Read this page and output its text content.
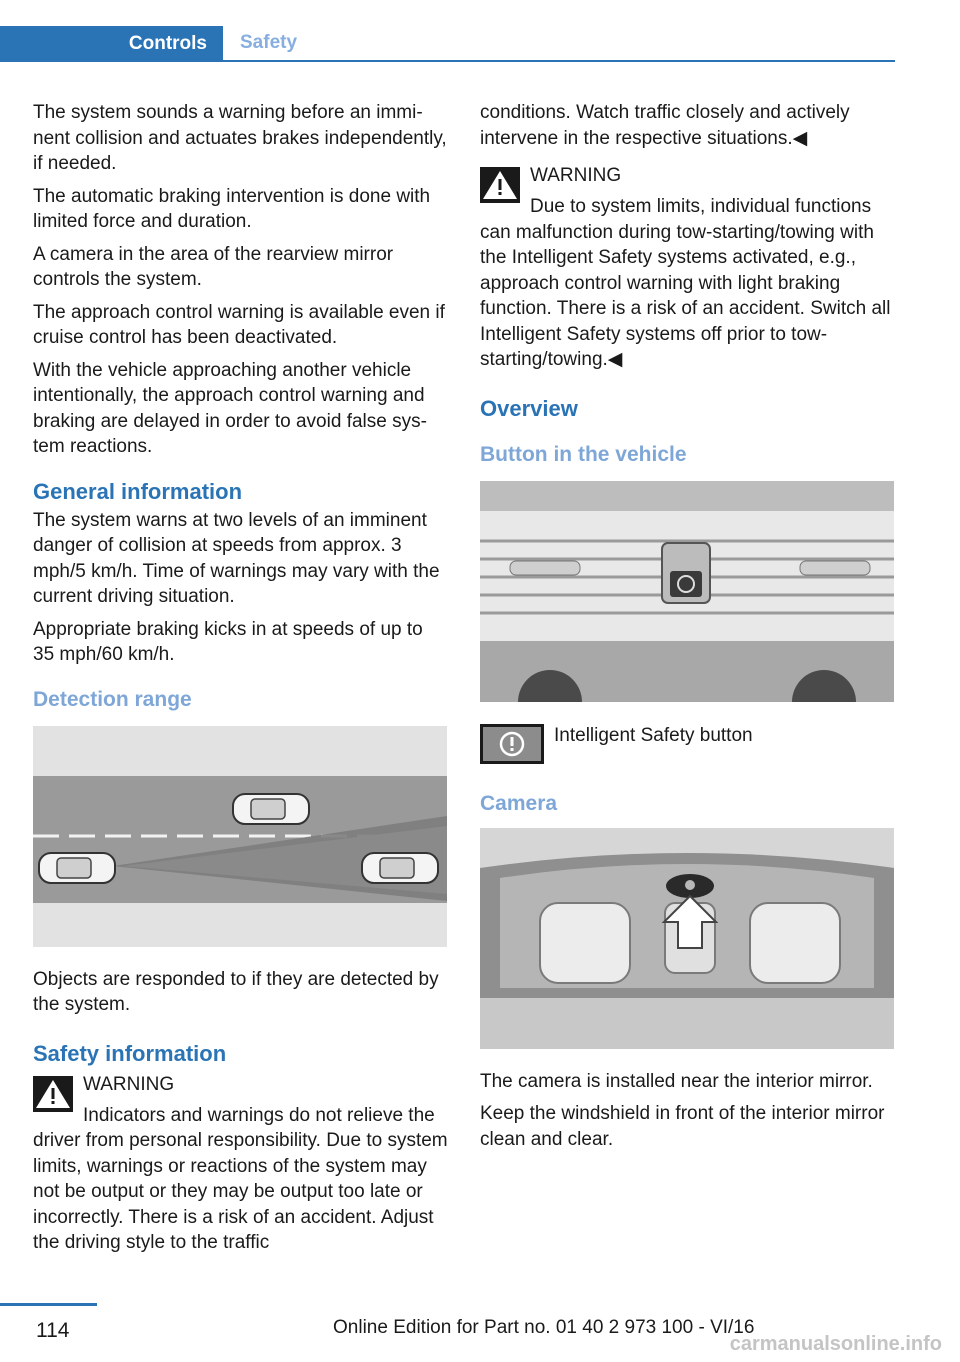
Controls	Safety

The system sounds a warning before an imminent collision and actuates brakes independently, if needed.

The automatic braking intervention is done with limited force and duration.

A camera in the area of the rearview mirror controls the system.

The approach control warning is available even if cruise control has been deactivated.

With the vehicle approaching another vehicle intentionally, the approach control warning and braking are delayed in order to avoid false system reactions.

General information

The system warns at two levels of an imminent danger of collision at speeds from approx. 3 mph/5 km/h. Time of warnings may vary with the current driving situation.

Appropriate braking kicks in at speeds of up to 35 mph/60 km/h.

Detection range

Objects are responded to if they are detected by the system.

Safety information

WARNING

Indicators and warnings do not relieve the driver from personal responsibility. Due to system limits, warnings or reactions of the system may not be output or they may be output too late or incorrectly. There is a risk of an accident. Adjust the driving style to the traffic

conditions. Watch traffic closely and actively intervene in the respective situations.◀

WARNING

Due to system limits, individual functions can malfunction during tow-starting/towing with the Intelligent Safety systems activated, e.g., approach control warning with light braking function. There is a risk of an accident. Switch all Intelligent Safety systems off prior to tow-starting/towing.◀

Overview
Button in the vehicle

Intelligent Safety button

Camera

The camera is installed near the interior mirror.

Keep the windshield in front of the interior mirror clean and clear.

114	Online Edition for Part no. 01 40 2 973 100 - VI/16
carmanualsonline.info
